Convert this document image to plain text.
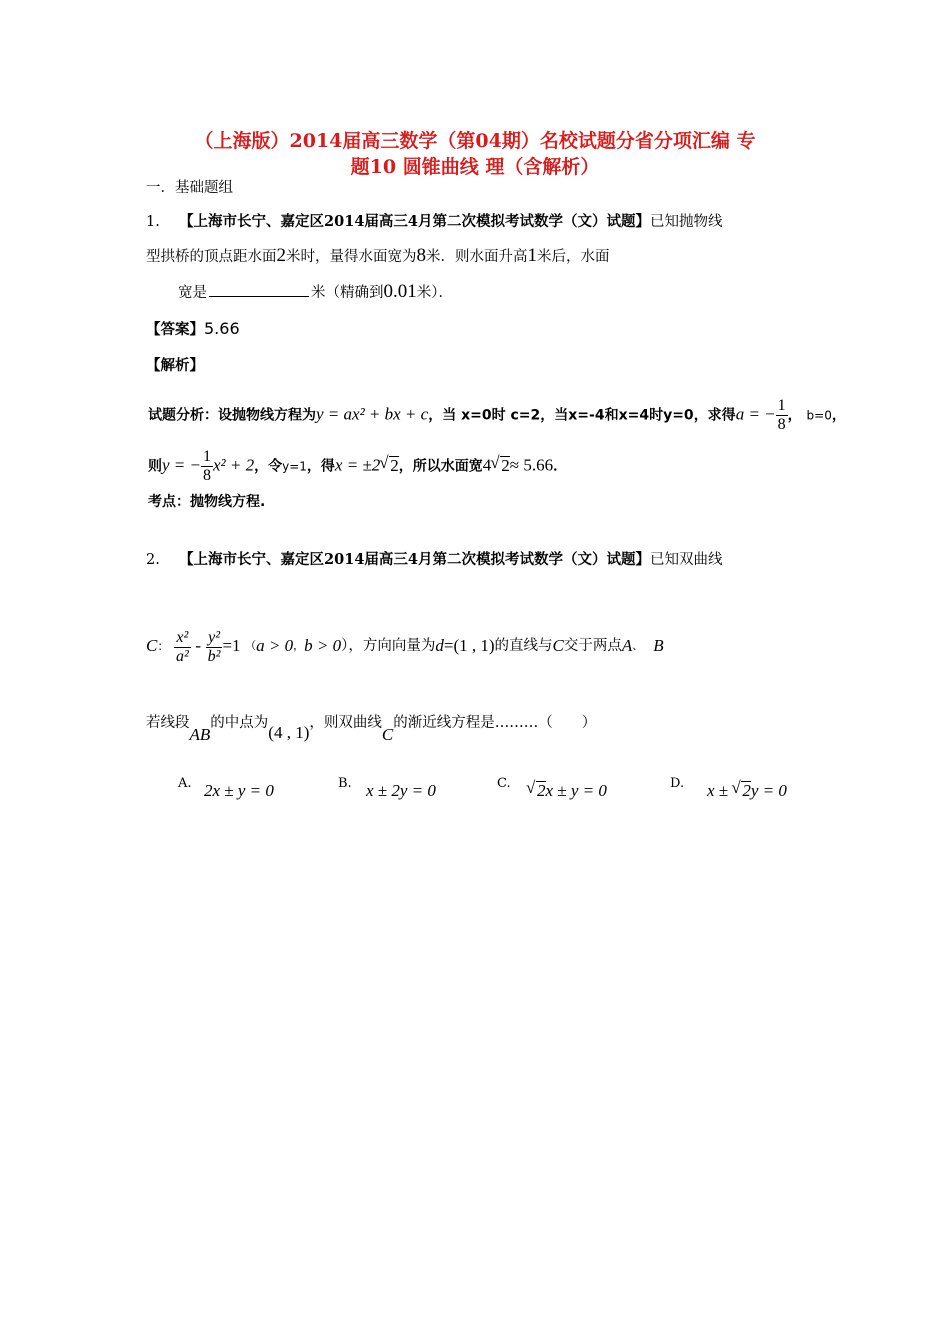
（上海版）2014届高三数学（第04期）名校试题分省分项汇编 专
题10 圆锥曲线 理（含解析）
一．基础题组
1. 【上海市长宁、嘉定区2014届高三4月第二次模拟考试数学（文）试题】已知抛物线
型拱桥的顶点距水面2米时，量得水面宽为8米．则水面升高1米后，水面
宽是	米（精确到0.01米）．
【答案】5.66
【解析】
试题分析：设抛物线方程为y = ax² + bx + c，当 x=0时 c=2，当x=-4和x=4时y=0，求得a = − $\frac{1}{8}$ ， b=0，
则y = − $\frac{1}{8} x^2 + 2$，令y=1，得x = ±2 √ 2，所以水面宽4 √ 2≈ 5.66．
考点：抛物线方程.
2. 【上海市长宁、嘉定区2014届高三4月第二次模拟考试数学（文）试题】已知双曲线
$C^: \frac{\text{x²}}{\text{a²}} - \frac{\text{y²}}{\text{b²}} =1$ （a > 0，b > 0），方向向量为d=(1 , 1)的直线与C交于两点A、 B
若线段AB的中点为(4 , 1)，则双曲线C的渐近线方程是………（　　）
A. 2x ± y = 0	B. x ± 2y = 0	C.	√ 2x ± y = 0	D. x ± √ 2y = 0
